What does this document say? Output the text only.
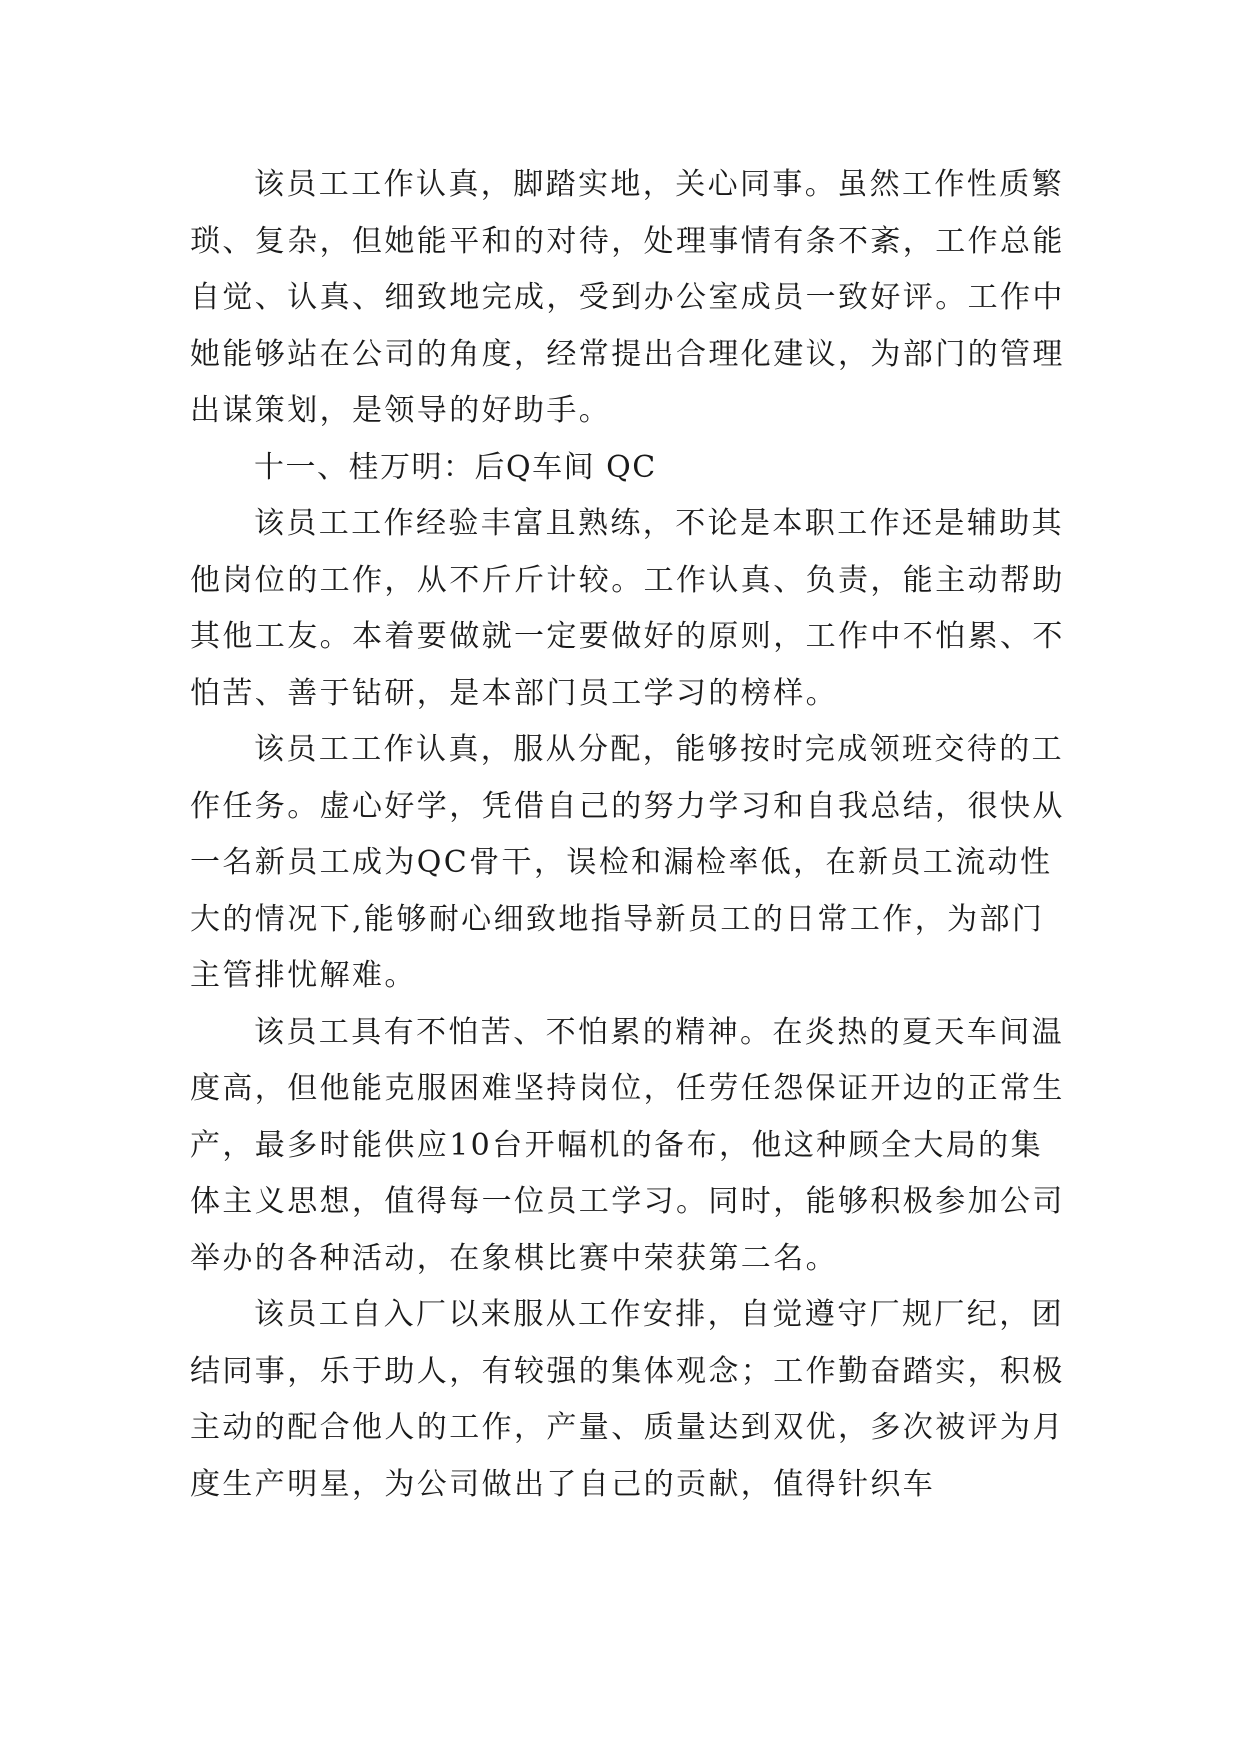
该员工工作认真，脚踏实地，关心同事。虽然工作性质繁琐、复杂，但她能平和的对待，处理事情有条不紊，工作总能自觉、认真、细致地完成，受到办公室成员一致好评。工作中她能够站在公司的角度，经常提出合理化建议，为部门的管理出谋策划，是领导的好助手。

十一、桂万明：后Q车间 QC

该员工工作经验丰富且熟练，不论是本职工作还是辅助其他岗位的工作，从不斤斤计较。工作认真、负责，能主动帮助其他工友。本着要做就一定要做好的原则，工作中不怕累、不怕苦、善于钻研，是本部门员工学习的榜样。

该员工工作认真，服从分配，能够按时完成领班交待的工作任务。虚心好学，凭借自己的努力学习和自我总结，很快从一名新员工成为QC骨干，误检和漏检率低，在新员工流动性大的情况下,能够耐心细致地指导新员工的日常工作，为部门主管排忧解难。

该员工具有不怕苦、不怕累的精神。在炎热的夏天车间温度高，但他能克服困难坚持岗位，任劳任怨保证开边的正常生产，最多时能供应10台开幅机的备布，他这种顾全大局的集体主义思想，值得每一位员工学习。同时，能够积极参加公司举办的各种活动，在象棋比赛中荣获第二名。

该员工自入厂以来服从工作安排，自觉遵守厂规厂纪，团结同事，乐于助人，有较强的集体观念；工作勤奋踏实，积极主动的配合他人的工作，产量、质量达到双优，多次被评为月度生产明星，为公司做出了自己的贡献，值得针织车
